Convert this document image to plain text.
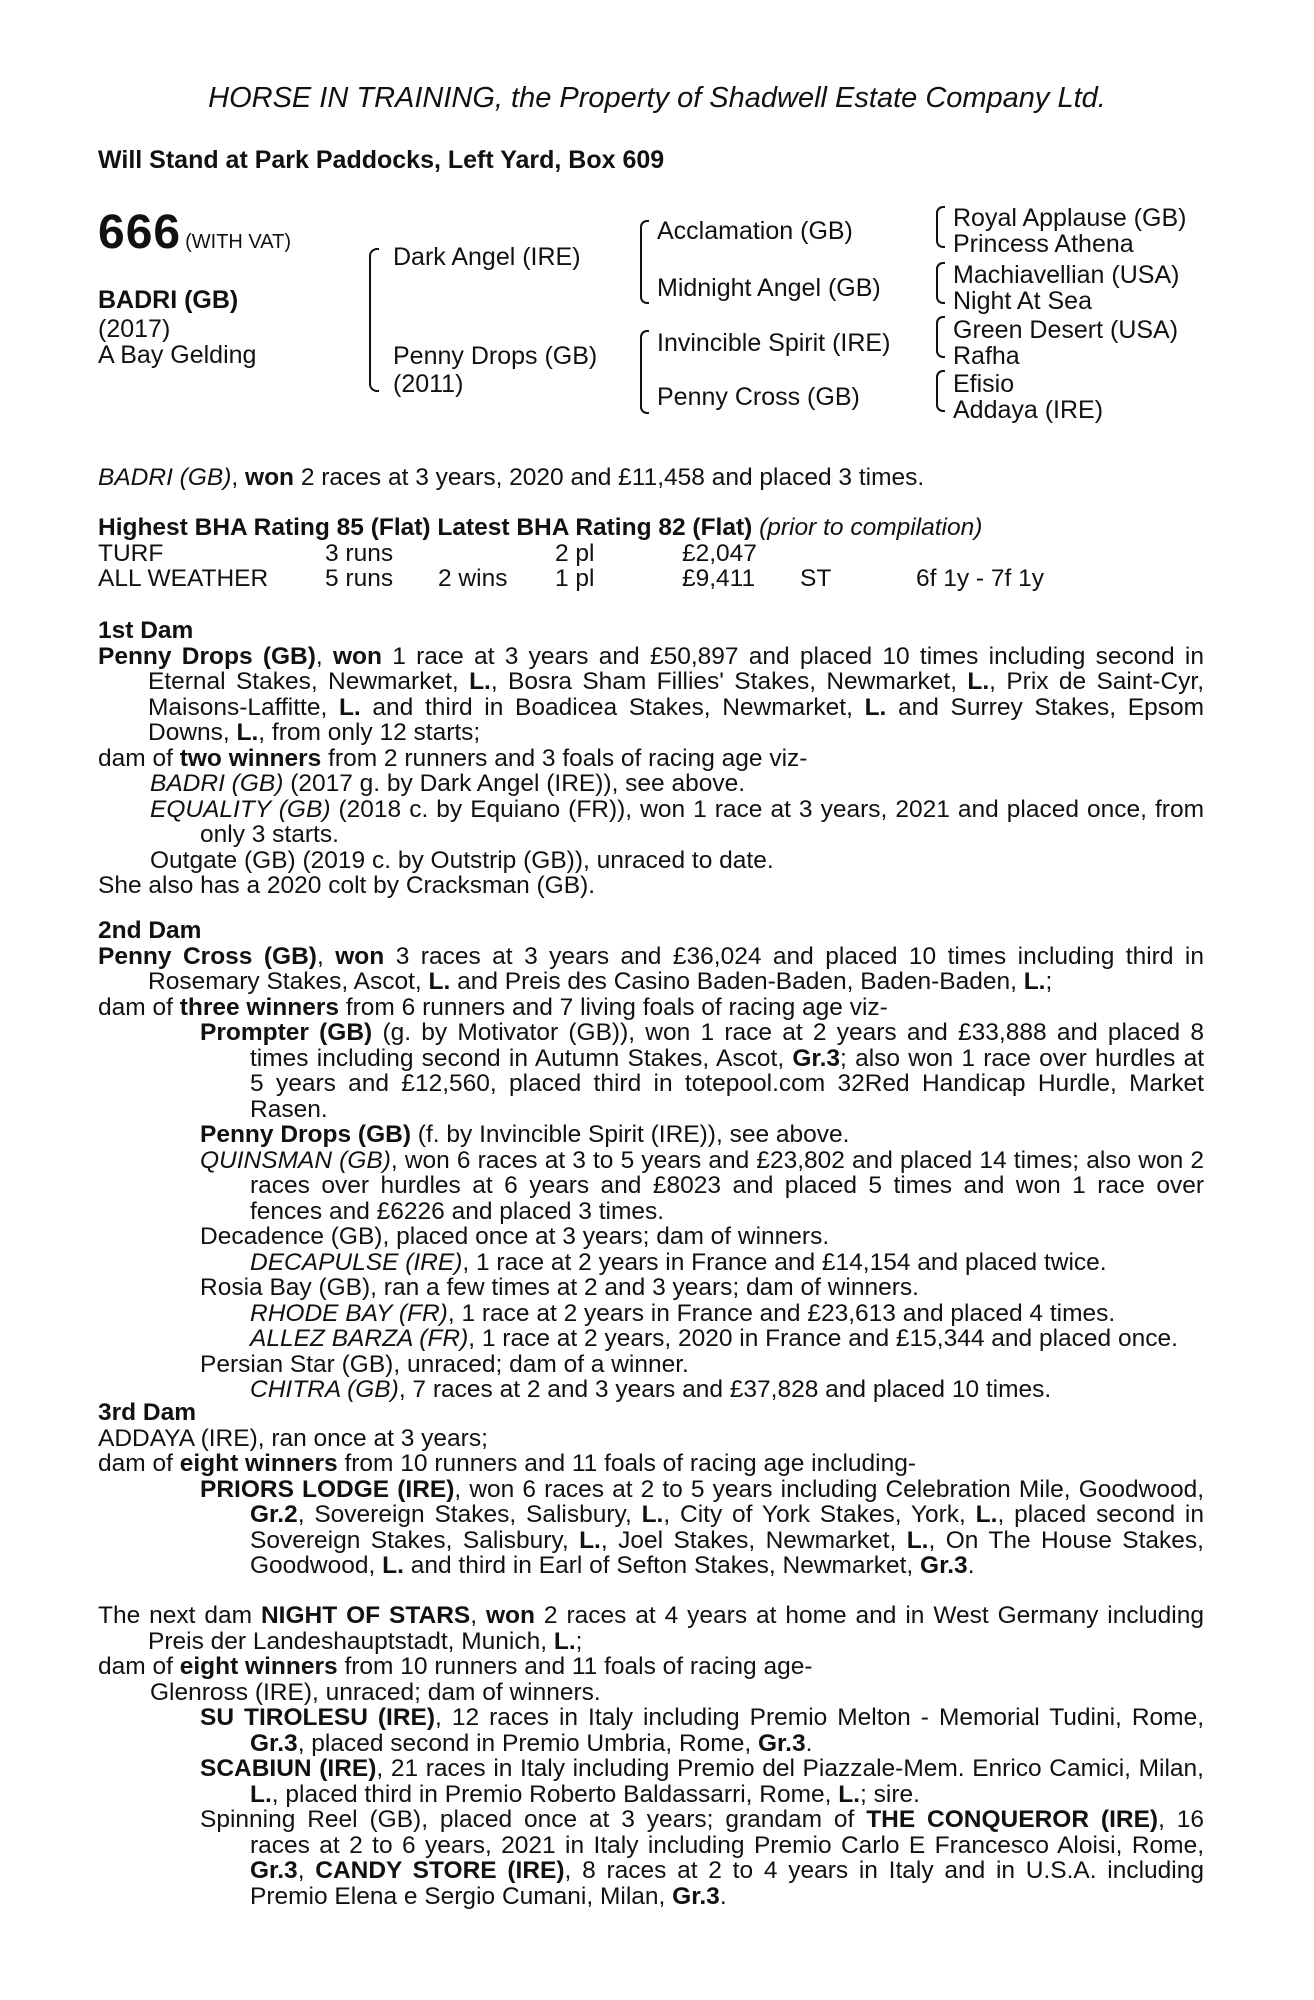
HORSE IN TRAINING, the Property of Shadwell Estate Company Ltd.
Will Stand at Park Paddocks, Left Yard, Box 609
666 (WITH VAT)
BADRI (GB)
(2017)
A Bay Gelding
Dark Angel (IRE)
Penny Drops (GB)
(2011)
Acclamation (GB)
Midnight Angel (GB)
Invincible Spirit (IRE)
Penny Cross (GB)
Royal Applause (GB)
Princess Athena
Machiavellian (USA)
Night At Sea
Green Desert (USA)
Rafha
Efisio
Addaya (IRE)

BADRI (GB), won 2 races at 3 years, 2020 and £11,458 and placed 3 times.

Highest BHA Rating 85 (Flat) Latest BHA Rating 82 (Flat) (prior to compilation)

TURF	3 runs	2 pl	£2,047
ALL WEATHER 5 runs 2 wins 1 pl	£9,411 ST	6f 1y - 7f 1y

1st Dam

Penny Drops (GB), won 1 race at 3 years and £50,897 and placed 10 times including second in Eternal Stakes, Newmarket, L., Bosra Sham Fillies' Stakes, Newmarket, L., Prix de Saint-Cyr, Maisons-Laffitte, L. and third in Boadicea Stakes, Newmarket, L. and Surrey Stakes, Epsom Downs, L., from only 12 starts;

dam of two winners from 2 runners and 3 foals of racing age viz-

BADRI (GB) (2017 g. by Dark Angel (IRE)), see above.

EQUALITY (GB) (2018 c. by Equiano (FR)), won 1 race at 3 years, 2021 and placed once, from only 3 starts.

Outgate (GB) (2019 c. by Outstrip (GB)), unraced to date.

She also has a 2020 colt by Cracksman (GB).

2nd Dam

Penny Cross (GB), won 3 races at 3 years and £36,024 and placed 10 times including third in Rosemary Stakes, Ascot, L. and Preis des Casino Baden-Baden, Baden-Baden, L.;

dam of three winners from 6 runners and 7 living foals of racing age viz-

Prompter (GB) (g. by Motivator (GB)), won 1 race at 2 years and £33,888 and placed 8 times including second in Autumn Stakes, Ascot, Gr.3; also won 1 race over hurdles at 5 years and £12,560, placed third in totepool.com 32Red Handicap Hurdle, Market Rasen.

Penny Drops (GB) (f. by Invincible Spirit (IRE)), see above.

QUINSMAN (GB), won 6 races at 3 to 5 years and £23,802 and placed 14 times; also won 2 races over hurdles at 6 years and £8023 and placed 5 times and won 1 race over fences and £6226 and placed 3 times.

Decadence (GB), placed once at 3 years; dam of winners.

DECAPULSE (IRE), 1 race at 2 years in France and £14,154 and placed twice.

Rosia Bay (GB), ran a few times at 2 and 3 years; dam of winners.

RHODE BAY (FR), 1 race at 2 years in France and £23,613 and placed 4 times.

ALLEZ BARZA (FR), 1 race at 2 years, 2020 in France and £15,344 and placed once.

Persian Star (GB), unraced; dam of a winner.

CHITRA (GB), 7 races at 2 and 3 years and £37,828 and placed 10 times.

3rd Dam

ADDAYA (IRE), ran once at 3 years;

dam of eight winners from 10 runners and 11 foals of racing age including-

PRIORS LODGE (IRE), won 6 races at 2 to 5 years including Celebration Mile, Goodwood, Gr.2, Sovereign Stakes, Salisbury, L., City of York Stakes, York, L., placed second in Sovereign Stakes, Salisbury, L., Joel Stakes, Newmarket, L., On The House Stakes, Goodwood, L. and third in Earl of Sefton Stakes, Newmarket, Gr.3.

The next dam NIGHT OF STARS, won 2 races at 4 years at home and in West Germany including Preis der Landeshauptstadt, Munich, L.;

dam of eight winners from 10 runners and 11 foals of racing age-

Glenross (IRE), unraced; dam of winners.

SU TIROLESU (IRE), 12 races in Italy including Premio Melton - Memorial Tudini, Rome, Gr.3, placed second in Premio Umbria, Rome, Gr.3.

SCABIUN (IRE), 21 races in Italy including Premio del Piazzale-Mem. Enrico Camici, Milan, L., placed third in Premio Roberto Baldassarri, Rome, L.; sire.

Spinning Reel (GB), placed once at 3 years; grandam of THE CONQUEROR (IRE), 16 races at 2 to 6 years, 2021 in Italy including Premio Carlo E Francesco Aloisi, Rome, Gr.3, CANDY STORE (IRE), 8 races at 2 to 4 years in Italy and in U.S.A. including Premio Elena e Sergio Cumani, Milan, Gr.3.
